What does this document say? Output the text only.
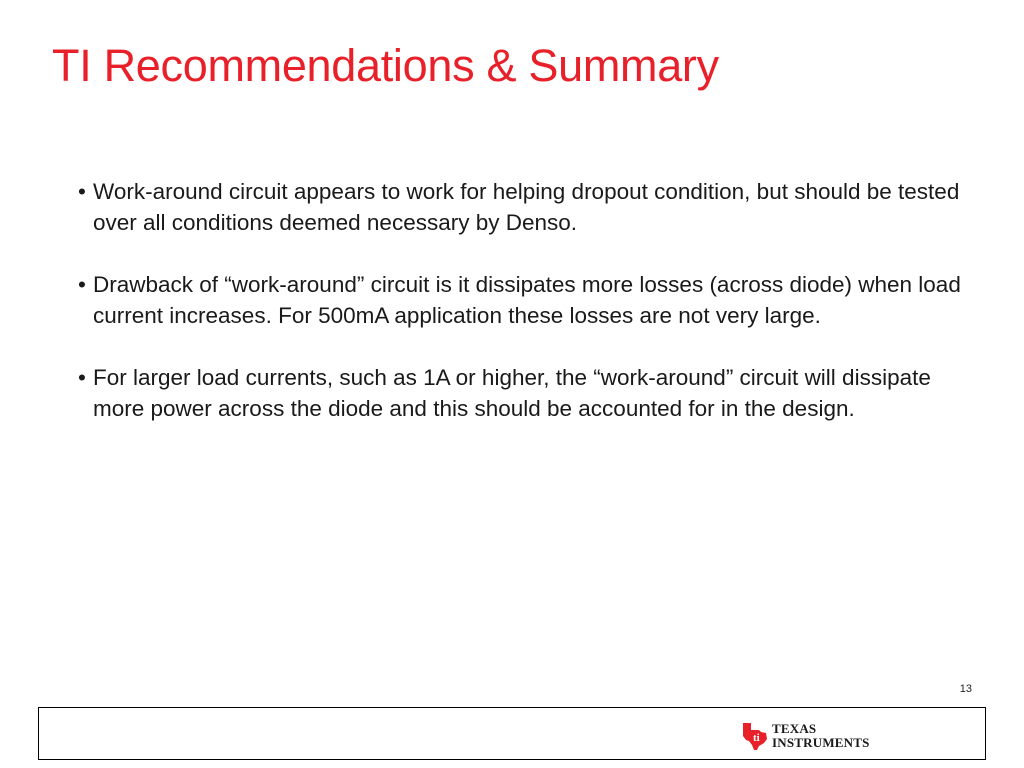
TI Recommendations & Summary
• Work-around circuit appears to work for helping dropout condition, but should be tested over all conditions deemed necessary by Denso.
• Drawback of “work-around” circuit is it dissipates more losses (across diode) when load current increases. For 500mA application these losses are not very large.
• For larger load currents, such as 1A or higher, the “work-around” circuit will dissipate more power across the diode and this should be accounted for in the design.
13
ti
TEXAS
INSTRUMENTS
